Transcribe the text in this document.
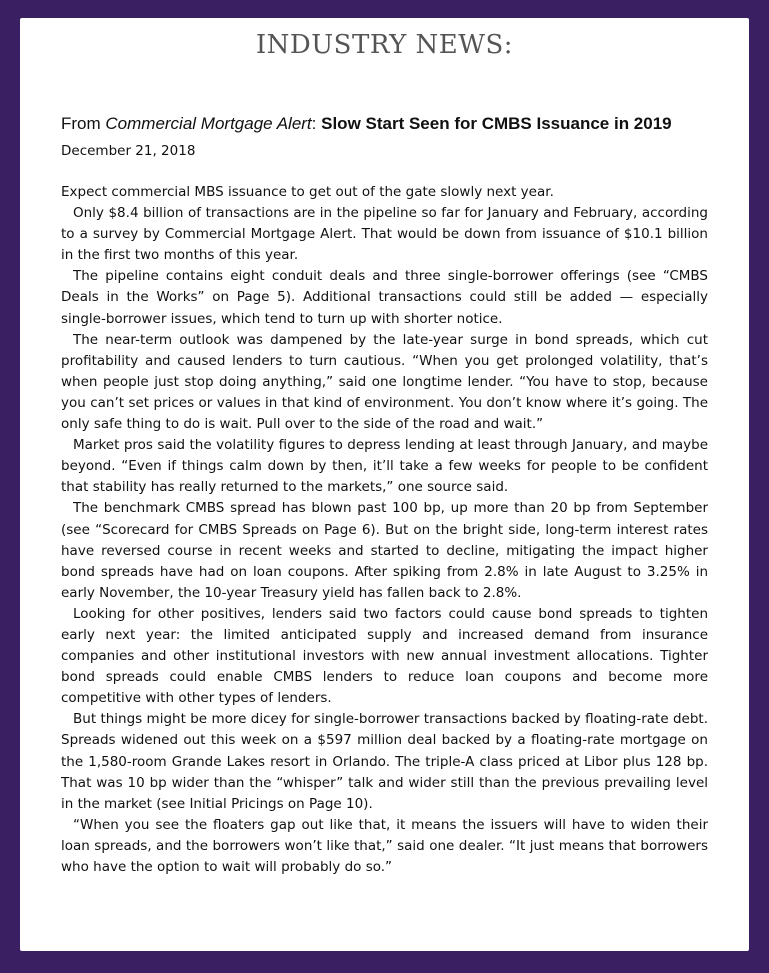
INDUSTRY NEWS:
From Commercial Mortgage Alert: Slow Start Seen for CMBS Issuance in 2019
December 21, 2018

Expect commercial MBS issuance to get out of the gate slowly next year.

Only $8.4 billion of transactions are in the pipeline so far for January and February, according to a survey by Commercial Mortgage Alert. That would be down from issuance of $10.1 billion in the first two months of this year.

The pipeline contains eight conduit deals and three single-borrower offerings (see “CMBS Deals in the Works” on Page 5). Additional transactions could still be added — especially single-borrower issues, which tend to turn up with shorter notice.

The near-term outlook was dampened by the late-year surge in bond spreads, which cut profitability and caused lenders to turn cautious. “When you get prolonged volatility, that’s when people just stop doing anything,” said one longtime lender. “You have to stop, because you can’t set prices or values in that kind of environment. You don’t know where it’s going. The only safe thing to do is wait. Pull over to the side of the road and wait.”

Market pros said the volatility figures to depress lending at least through January, and maybe beyond. “Even if things calm down by then, it’ll take a few weeks for people to be confident that stability has really returned to the markets,” one source said.

The benchmark CMBS spread has blown past 100 bp, up more than 20 bp from September (see “Scorecard for CMBS Spreads on Page 6). But on the bright side, long-term interest rates have reversed course in recent weeks and started to decline, mitigating the impact higher bond spreads have had on loan coupons. After spiking from 2.8% in late August to 3.25% in early November, the 10-year Treasury yield has fallen back to 2.8%.

Looking for other positives, lenders said two factors could cause bond spreads to tighten early next year: the limited anticipated supply and increased demand from insurance companies and other institutional investors with new annual investment allocations. Tighter bond spreads could enable CMBS lenders to reduce loan coupons and become more competitive with other types of lenders.

But things might be more dicey for single-borrower transactions backed by floating-rate debt. Spreads widened out this week on a $597 million deal backed by a floating-rate mortgage on the 1,580-room Grande Lakes resort in Orlando. The triple-A class priced at Libor plus 128 bp. That was 10 bp wider than the “whisper” talk and wider still than the previous prevailing level in the market (see Initial Pricings on Page 10).

“When you see the floaters gap out like that, it means the issuers will have to widen their loan spreads, and the borrowers won’t like that,” said one dealer. “It just means that borrowers who have the option to wait will probably do so.”
